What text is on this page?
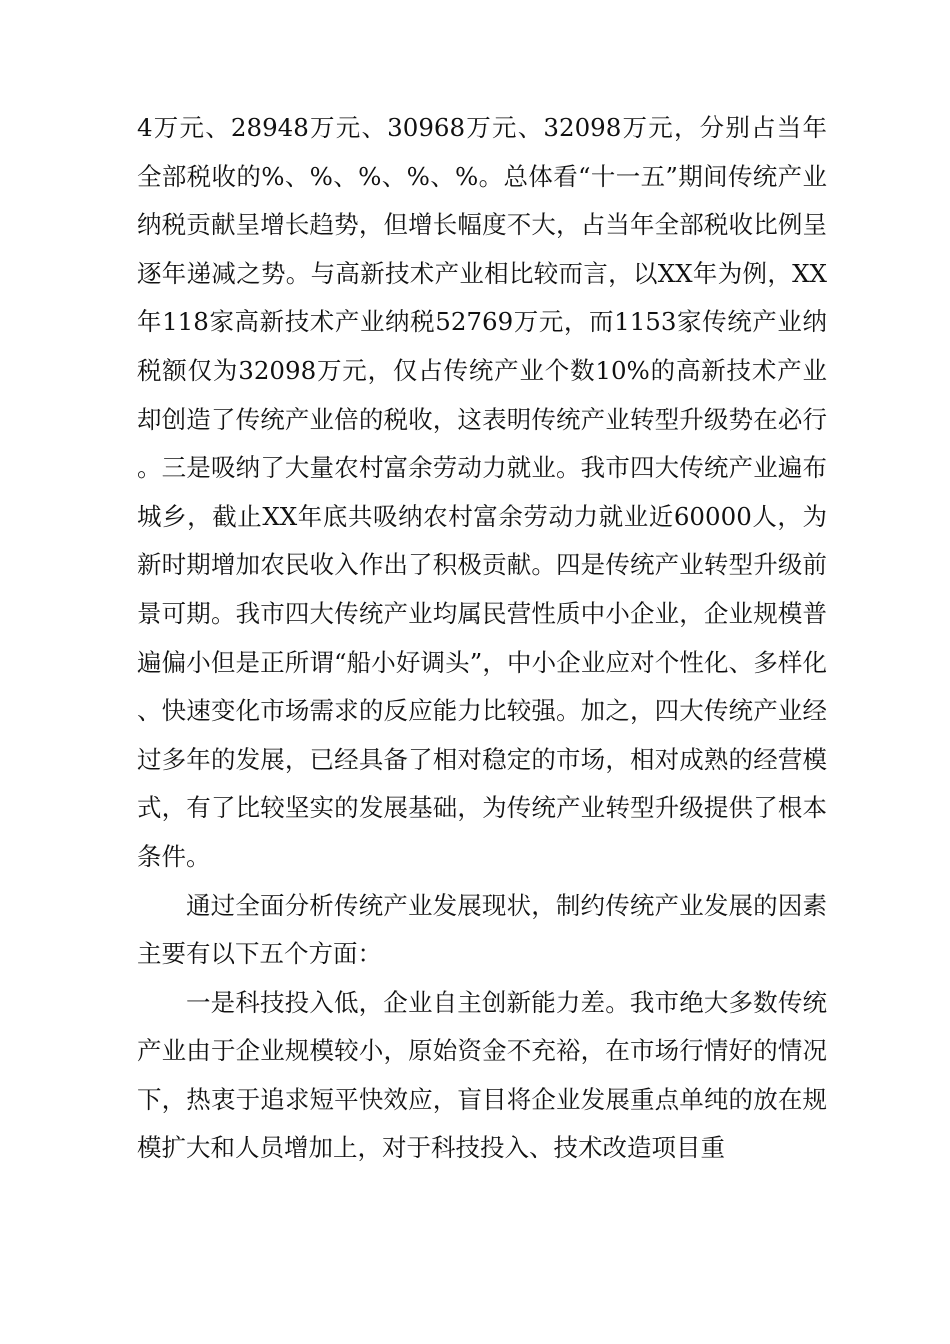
4万元、28948万元、30968万元、32098万元，分别占当年全部税收的%、%、%、%、%。总体看“十一五”期间传统产业纳税贡献呈增长趋势，但增长幅度不大，占当年全部税收比例呈逐年递减之势。与高新技术产业相比较而言，以XX年为例，XX年118家高新技术产业纳税52769万元，而1153家传统产业纳税额仅为32098万元，仅占传统产业个数10%的高新技术产业却创造了传统产业倍的税收，这表明传统产业转型升级势在必行。三是吸纳了大量农村富余劳动力就业。我市四大传统产业遍布城乡，截止XX年底共吸纳农村富余劳动力就业近60000人，为新时期增加农民收入作出了积极贡献。四是传统产业转型升级前景可期。我市四大传统产业均属民营性质中小企业，企业规模普遍偏小但是正所谓“船小好调头”，中小企业应对个性化、多样化、快速变化市场需求的反应能力比较强。加之，四大传统产业经过多年的发展，已经具备了相对稳定的市场，相对成熟的经营模式，有了比较坚实的发展基础，为传统产业转型升级提供了根本条件。

通过全面分析传统产业发展现状，制约传统产业发展的因素主要有以下五个方面：

一是科技投入低，企业自主创新能力差。我市绝大多数传统产业由于企业规模较小，原始资金不充裕，在市场行情好的情况下，热衷于追求短平快效应，盲目将企业发展重点单纯的放在规模扩大和人员增加上，对于科技投入、技术改造项目重
